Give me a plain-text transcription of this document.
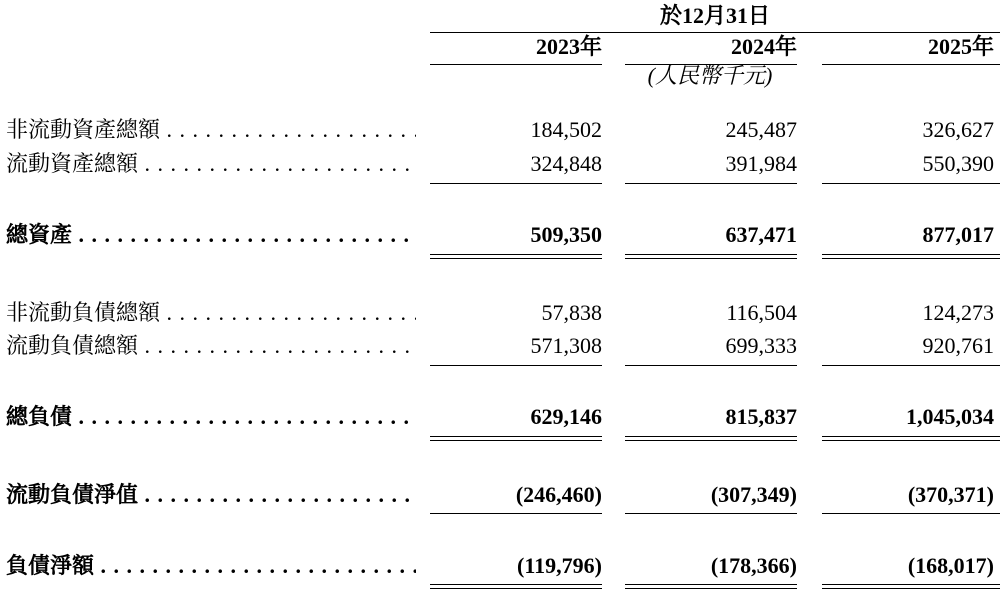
於12月31日
2023年	2024年	2025年
(人民幣千元)
非流動資產總額 . . .	184,502	245,487	326,627
流動資產總額 . . .	324,848	391,984	550,390
總資產 . . .	509,350	637,471	877,017
非流動負債總額 . . .	57,838	116,504	124,273
流動負債總額 . . .	571,308	699,333	920,761
總負債 . . .	629,146	815,837	1,045,034
流動負債淨值 . . .	(246,460)	(307,349)	(370,371)
負債淨額 . . .	(119,796)	(178,366)	(168,017)
